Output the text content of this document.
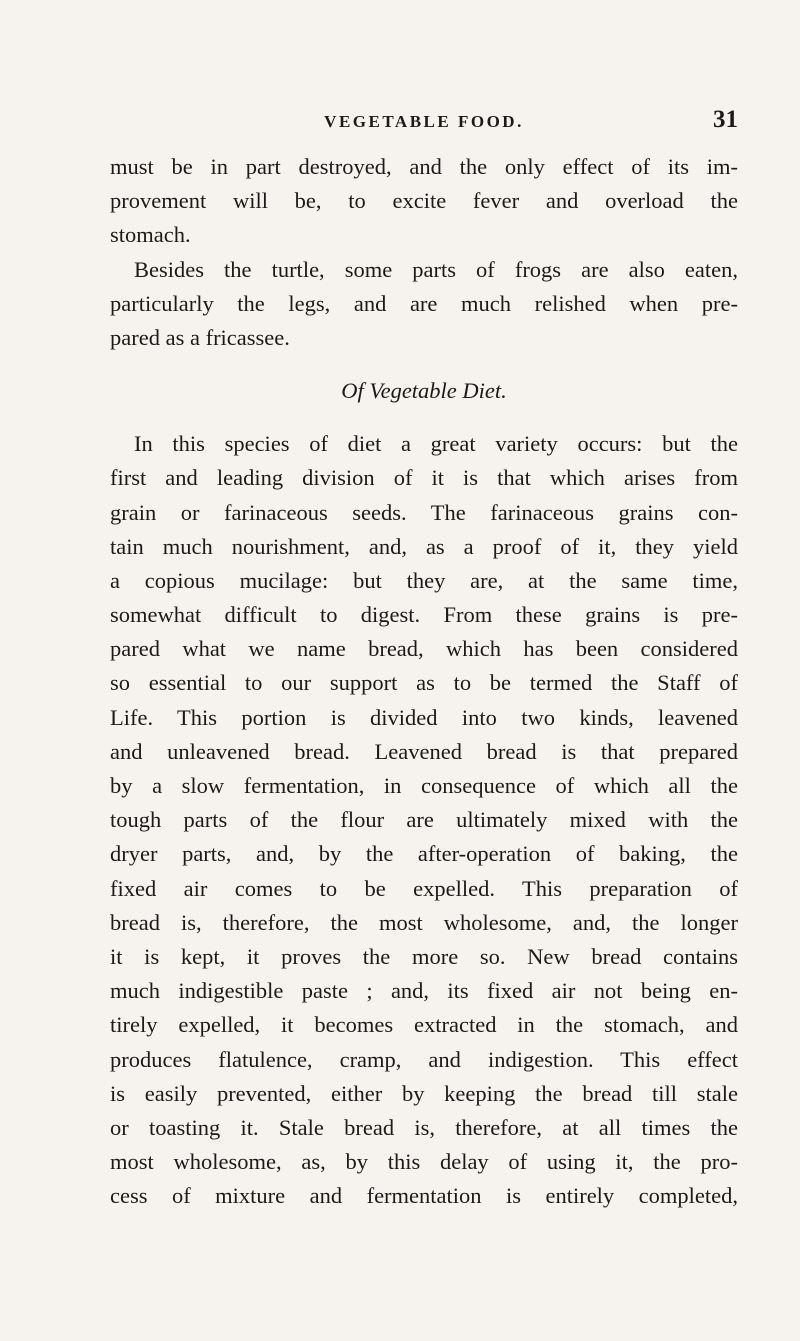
VEGETABLE FOOD.	31
must be in part destroyed, and the only effect of its im-
provement will be, to excite fever and overload the
stomach.
Besides the turtle, some parts of frogs are also eaten,
particularly the legs, and are much relished when pre-
pared as a fricassee.
Of Vegetable Diet.
In this species of diet a great variety occurs: but the
first and leading division of it is that which arises from
grain or farinaceous seeds. The farinaceous grains con-
tain much nourishment, and, as a proof of it, they yield
a copious mucilage: but they are, at the same time,
somewhat difficult to digest. From these grains is pre-
pared what we name bread, which has been considered
so essential to our support as to be termed the Staff of
Life. This portion is divided into two kinds, leavened
and unleavened bread. Leavened bread is that prepared
by a slow fermentation, in consequence of which all the
tough parts of the flour are ultimately mixed with the
dryer parts, and, by the after-operation of baking, the
fixed air comes to be expelled. This preparation of
bread is, therefore, the most wholesome, and, the longer
it is kept, it proves the more so. New bread contains
much indigestible paste ; and, its fixed air not being en-
tirely expelled, it becomes extracted in the stomach, and
produces flatulence, cramp, and indigestion. This effect
is easily prevented, either by keeping the bread till stale
or toasting it. Stale bread is, therefore, at all times the
most wholesome, as, by this delay of using it, the pro-
cess of mixture and fermentation is entirely completed,
